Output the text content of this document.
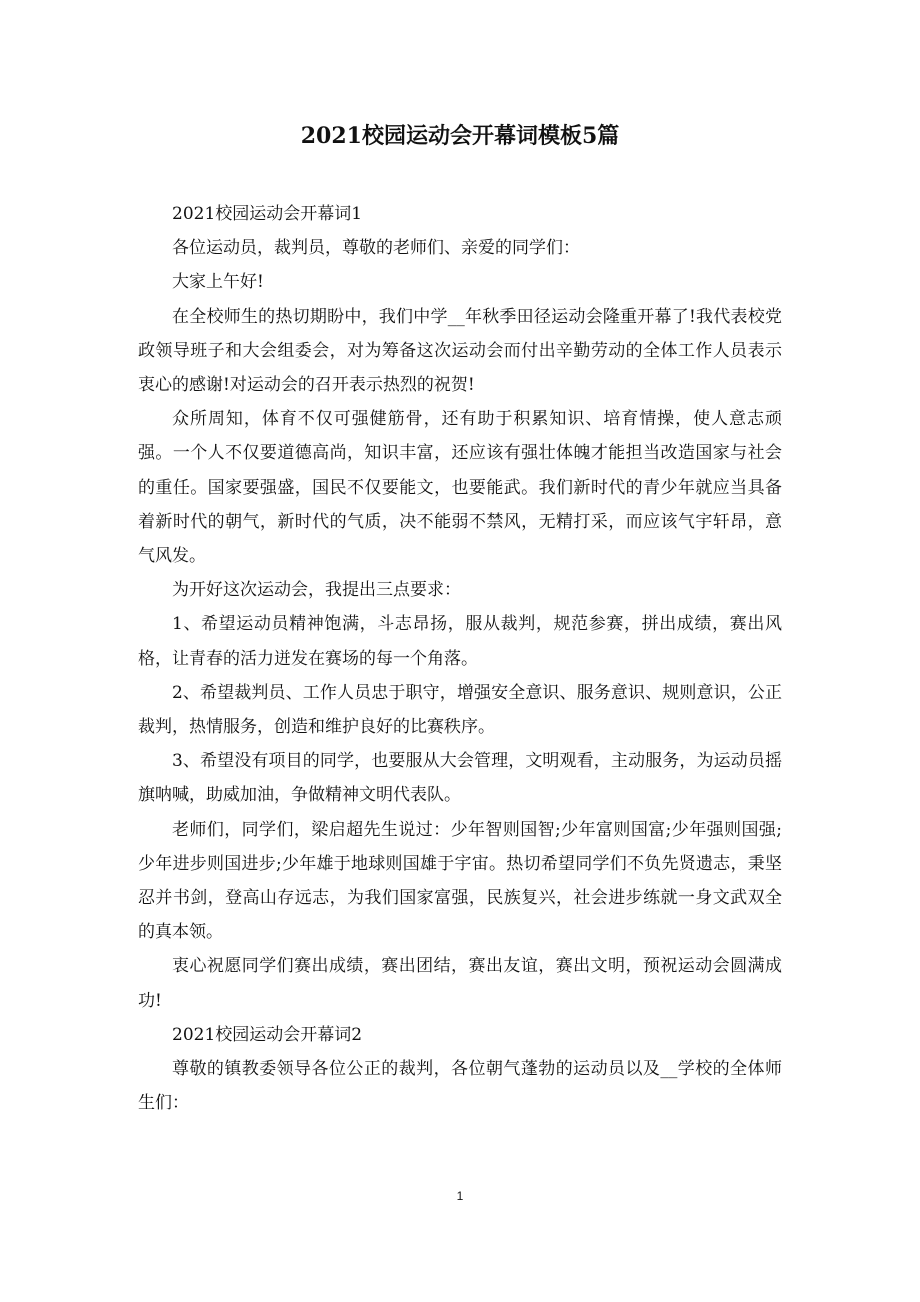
2021校园运动会开幕词模板5篇

2021校园运动会开幕词1

各位运动员，裁判员，尊敬的老师们、亲爱的同学们：

大家上午好!

在全校师生的热切期盼中，我们中学__年秋季田径运动会隆重开幕了!我代表校党政领导班子和大会组委会，对为筹备这次运动会而付出辛勤劳动的全体工作人员表示衷心的感谢!对运动会的召开表示热烈的祝贺!

众所周知，体育不仅可强健筋骨，还有助于积累知识、培育情操，使人意志顽强。一个人不仅要道德高尚，知识丰富，还应该有强壮体魄才能担当改造国家与社会的重任。国家要强盛，国民不仅要能文，也要能武。我们新时代的青少年就应当具备着新时代的朝气，新时代的气质，决不能弱不禁风，无精打采，而应该气宇轩昂，意气风发。

为开好这次运动会，我提出三点要求：

1、希望运动员精神饱满，斗志昂扬，服从裁判，规范参赛，拼出成绩，赛出风格，让青春的活力迸发在赛场的每一个角落。

2、希望裁判员、工作人员忠于职守，增强安全意识、服务意识、规则意识，公正裁判，热情服务，创造和维护良好的比赛秩序。

3、希望没有项目的同学，也要服从大会管理，文明观看，主动服务，为运动员摇旗呐喊，助威加油，争做精神文明代表队。

老师们，同学们，梁启超先生说过：少年智则国智;少年富则国富;少年强则国强;少年进步则国进步;少年雄于地球则国雄于宇宙。热切希望同学们不负先贤遗志，秉坚忍并书剑，登高山存远志，为我们国家富强，民族复兴，社会进步练就一身文武双全的真本领。

衷心祝愿同学们赛出成绩，赛出团结，赛出友谊，赛出文明，预祝运动会圆满成功!

2021校园运动会开幕词2

尊敬的镇教委领导各位公正的裁判，各位朝气蓬勃的运动员以及__学校的全体师生们：

1
